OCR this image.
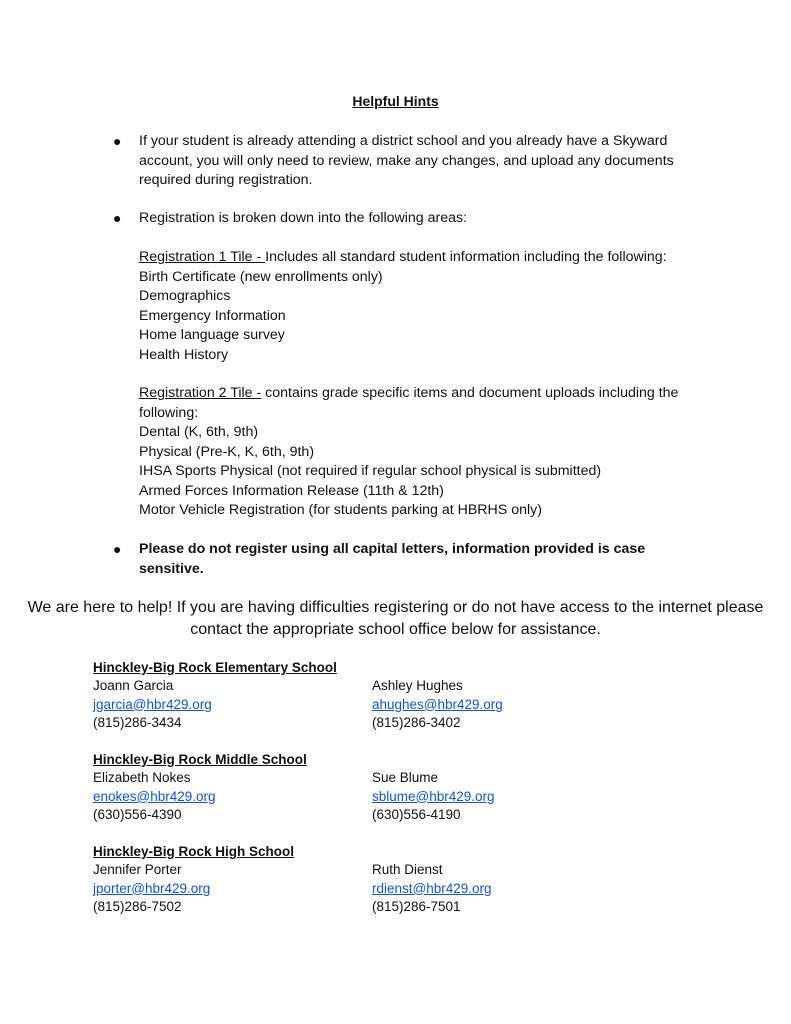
Helpful Hints
● If your student is already attending a district school and you already have a Skyward account, you will only need to review, make any changes, and upload any documents required during registration.
● Registration is broken down into the following areas:
Registration 1 Tile - Includes all standard student information including the following:
Birth Certificate (new enrollments only)
Demographics
Emergency Information
Home language survey
Health History
Registration 2 Tile - contains grade specific items and document uploads including the following:
Dental (K, 6th, 9th)
Physical (Pre-K, K, 6th, 9th)
IHSA Sports Physical (not required if regular school physical is submitted)
Armed Forces Information Release (11th & 12th)
Motor Vehicle Registration (for students parking at HBRHS only)
● Please do not register using all capital letters, information provided is case sensitive.
We are here to help! If you are having difficulties registering or do not have access to the internet please contact the appropriate school office below for assistance.
Hinckley-Big Rock Elementary School
Joann Garcia
jgarcia@hbr429.org
(815)286-3434
Ashley Hughes
ahughes@hbr429.org
(815)286-3402
Hinckley-Big Rock Middle School
Elizabeth Nokes
enokes@hbr429.org
(630)556-4390
Sue Blume
sblume@hbr429.org
(630)556-4190
Hinckley-Big Rock High School
Jennifer Porter
jporter@hbr429.org
(815)286-7502
Ruth Dienst
rdienst@hbr429.org
(815)286-7501
